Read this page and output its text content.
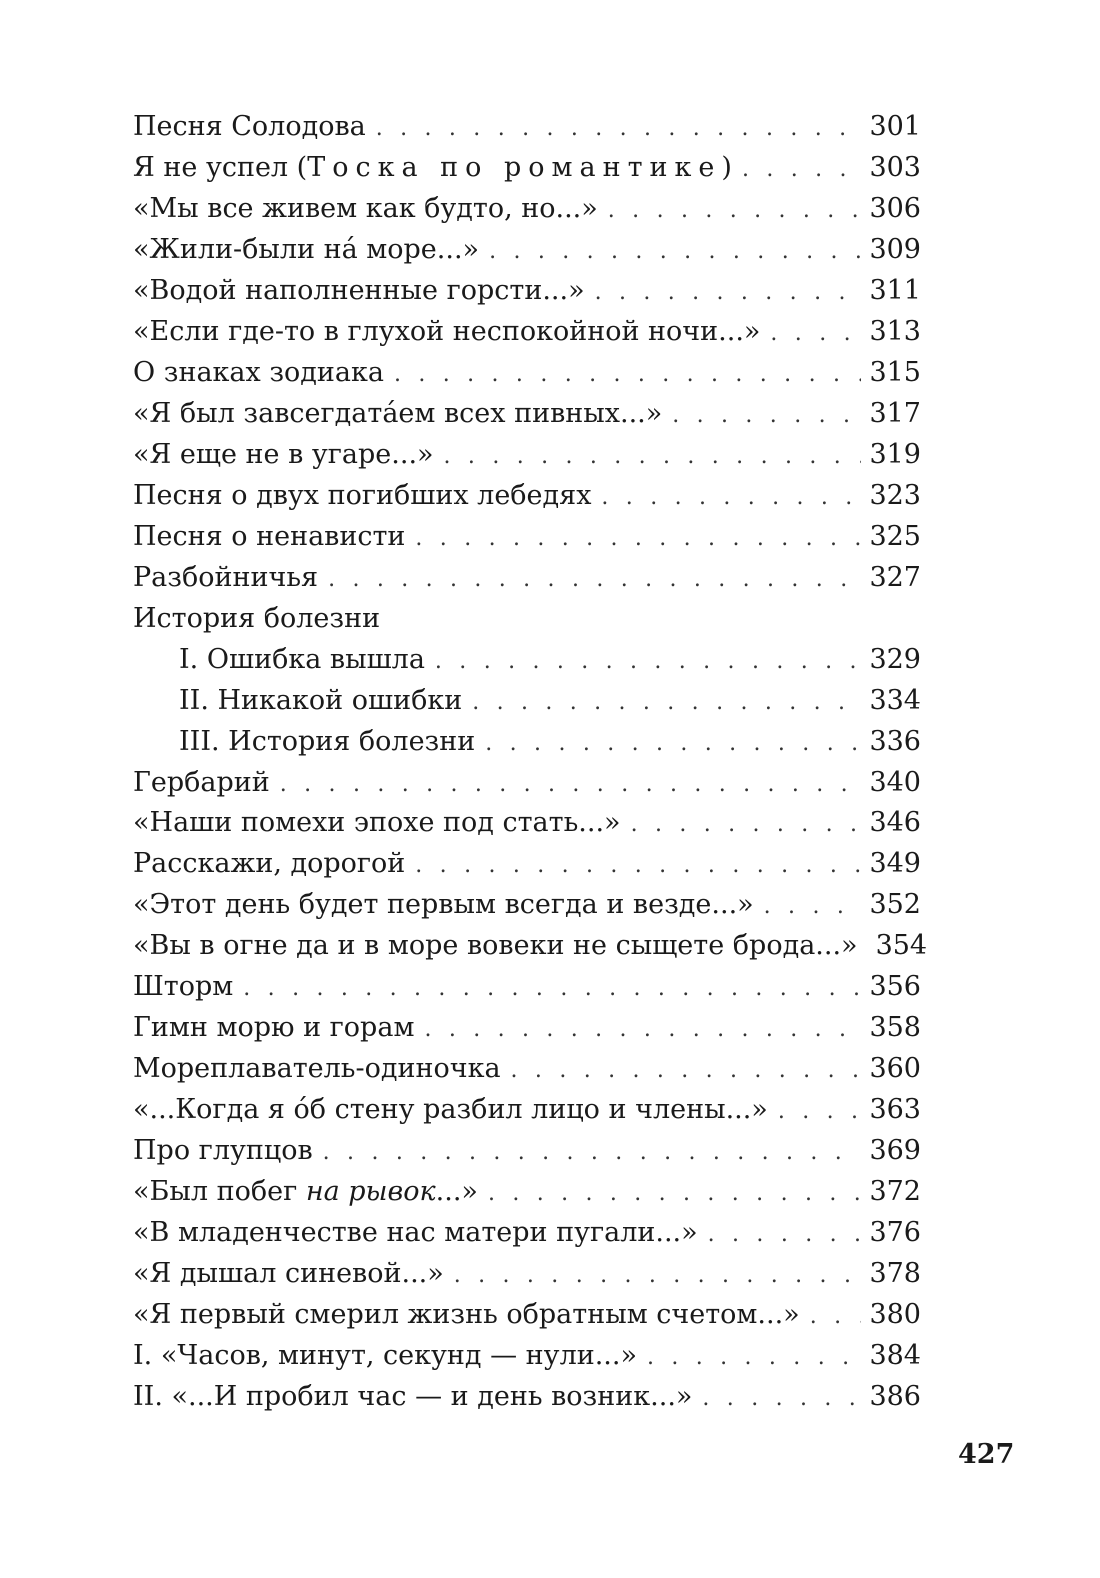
Песня Солодова . . .	301
Я не успел (Тоска по романтике) . . .	303
«Мы все живем как будто, но...» . . .	306
«Жили-были на́ море...» . . .	309
«Водой наполненные горсти...» . . .	311
«Если где-то в глухой неспокойной ночи...» . . .	313
О знаках зодиака . . .	315
«Я был завсегдата́ем всех пивных...» . . .	317
«Я еще не в угаре...» . . .	319
Песня о двух погибших лебедях . . .	323
Песня о ненависти . . .	325
Разбойничья . . .	327
История болезни
I. Ошибка вышла . . .	329
II. Никакой ошибки . . .	334
III. История болезни . . .	336
Гербарий . . .	340
«Наши помехи эпохе под стать...» . . .	346
Расскажи, дорогой . . .	349
«Этот день будет первым всегда и везде...» . . .	352
«Вы в огне да и в море вовеки не сыщете брода...» 354
Шторм . . .	356
Гимн морю и горам . . .	358
Мореплаватель-одиночка . . .	360
«...Когда я о́б стену разбил лицо и члены...» . . .	363
Про глупцов . . .	369
«Был побег на рывок...» . . .	372
«В младенчестве нас матери пугали...» . . .	376
«Я дышал синевой...» . . .	378
«Я первый смерил жизнь обратным счетом...» . . .	380
I. «Часов, минут, секунд — нули...» . . .	384
II. «...И пробил час — и день возник...» . . .	386
427
